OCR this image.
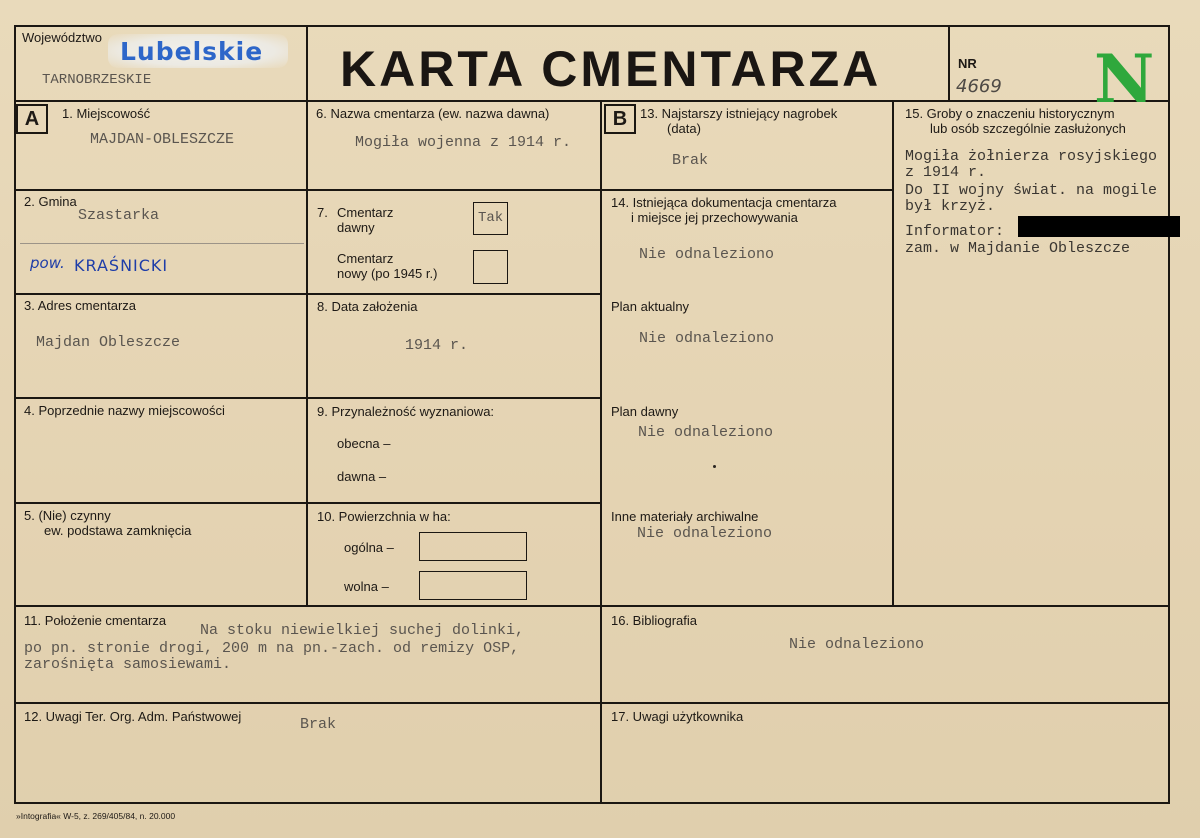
Województwo Lubelskie
TARNOBRZESKIE	KARTA CMENTARZA	NR
4669 N
A	1. Miejscowość
MAJDAN-OBLESZCZE
2. Gmina
Szastarka
pow. KRAŚNICKI
3. Adres cmentarza
Majdan Obleszcze
4. Poprzednie nazwy miejscowości
5. (Nie) czynny
ew. podstawa zamknięcia
6. Nazwa cmentarza (ew. nazwa dawna)
Mogiła wojenna z 1914 r.
7. Cmentarz
dawny
Tak
Cmentarz
nowy (po 1945 r.)
8. Data założenia
1914 r.
9. Przynależność wyznaniowa:
obecna –
dawna –
10. Powierzchnia w ha:
ogólna –
wolna –
B 13. Najstarszy istniejący nagrobek
(data)
Brak
14. Istniejąca dokumentacja cmentarza
i miejsce jej przechowywania
Nie odnaleziono
Plan aktualny
Nie odnaleziono
Plan dawny
Nie odnaleziono
Inne materiały archiwalne
Nie odnaleziono
15. Groby o znaczeniu historycznym
lub osób szczególnie zasłużonych
Mogiła żołnierza rosyjskiego
z 1914 r.
Do II wojny świat. na mogile
był krzyż.
Informator:
zam. w Majdanie Obleszcze
11. Położenie cmentarza
Na stoku niewielkiej suchej dolinki,
po pn. stronie drogi, 200 m na pn.-zach. od remizy OSP,
zarośnięta samosiewami.
16. Bibliografia
Nie odnaleziono
12. Uwagi Ter. Org. Adm. Państwowej	Brak	17. Uwagi użytkownika
»Intografia« W-5, z. 269/405/84, n. 20.000
